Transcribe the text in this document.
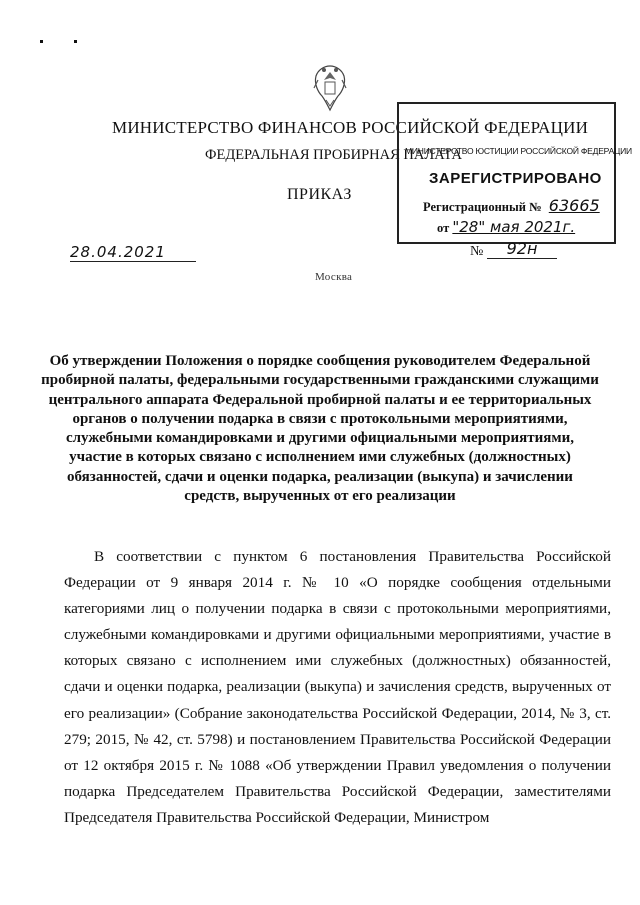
МИНИСТЕРСТВО ФИНАНСОВ РОССИЙСКОЙ ФЕДЕРАЦИИ
ФЕДЕРАЛЬНАЯ ПРОБИРНАЯ ПАЛАТА
МИНИСТЕРСТВО ЮСТИЦИИ РОССИЙСКОЙ ФЕДЕРАЦИИ
ЗАРЕГИСТРИРОВАНО
Регистрационный № 63665
от "28" мая 2021г.
ПРИКАЗ
28.04.2021	№	92н
Москва
Об утверждении Положения о порядке сообщения руководителем Федеральной пробирной палаты, федеральными государственными гражданскими служащими центрального аппарата Федеральной пробирной палаты и ее территориальных органов о получении подарка в связи с протокольными мероприятиями, служебными командировками и другими официальными мероприятиями, участие в которых связано с исполнением ими служебных (должностных) обязанностей, сдачи и оценки подарка, реализации (выкупа) и зачислении средств, вырученных от его реализации

В соответствии с пунктом 6 постановления Правительства Российской Федерации от 9 января 2014 г. № 10 «О порядке сообщения отдельными категориями лиц о получении подарка в связи с протокольными мероприятиями, служебными командировками и другими официальными мероприятиями, участие в которых связано с исполнением ими служебных (должностных) обязанностей, сдачи и оценки подарка, реализации (выкупа) и зачисления средств, вырученных от его реализации» (Собрание законодательства Российской Федерации, 2014, № 3, ст. 279; 2015, № 42, ст. 5798) и постановлением Правительства Российской Федерации от 12 октября 2015 г. № 1088 «Об утверждении Правил уведомления о получении подарка Председателем Правительства Российской Федерации, заместителями Председателя Правительства Российской Федерации, Министром
